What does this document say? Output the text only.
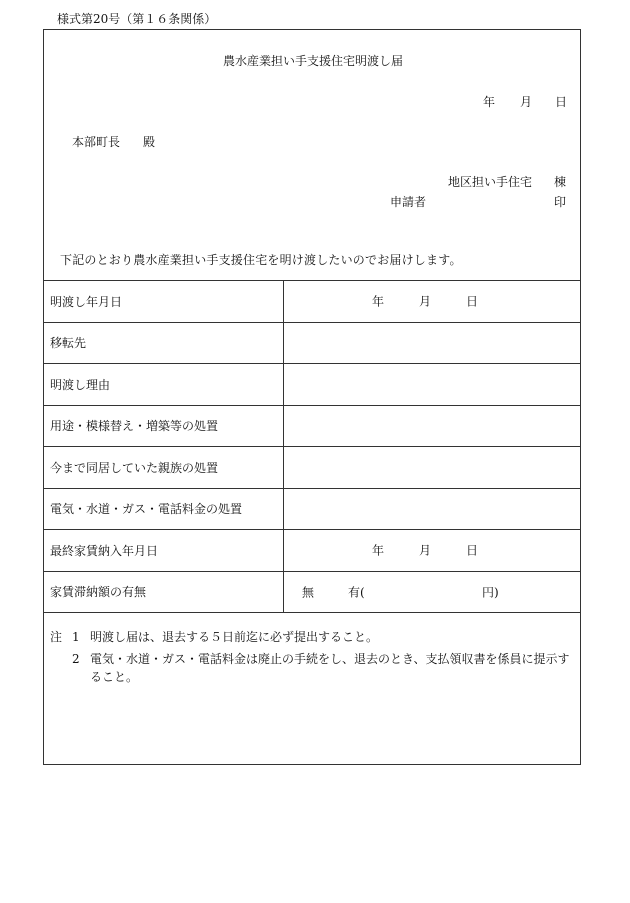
様式第20号（第１６条関係）
農水産業担い手支援住宅明渡し届
年 月 日
本部町長 殿
地区担い手住宅 棟
申請者	印
下記のとおり農水産業担い手支援住宅を明け渡したいのでお届けします。
明渡し年月日	年 月 日

移転先	
明渡し理由	
用途・模様替え・増築等の処置	
今まで同居していた親族の処置	
電気・水道・ガス・電話料金の処置	
最終家賃納入年月日	年 月 日

家賃滞納額の有無	無 有( 円)
注 1 明渡し届は、退去する５日前迄に必ず提出すること。
2 電気・水道・ガス・電話料金は廃止の手続をし、退去のとき、支払領収書を係員に提示すること。
